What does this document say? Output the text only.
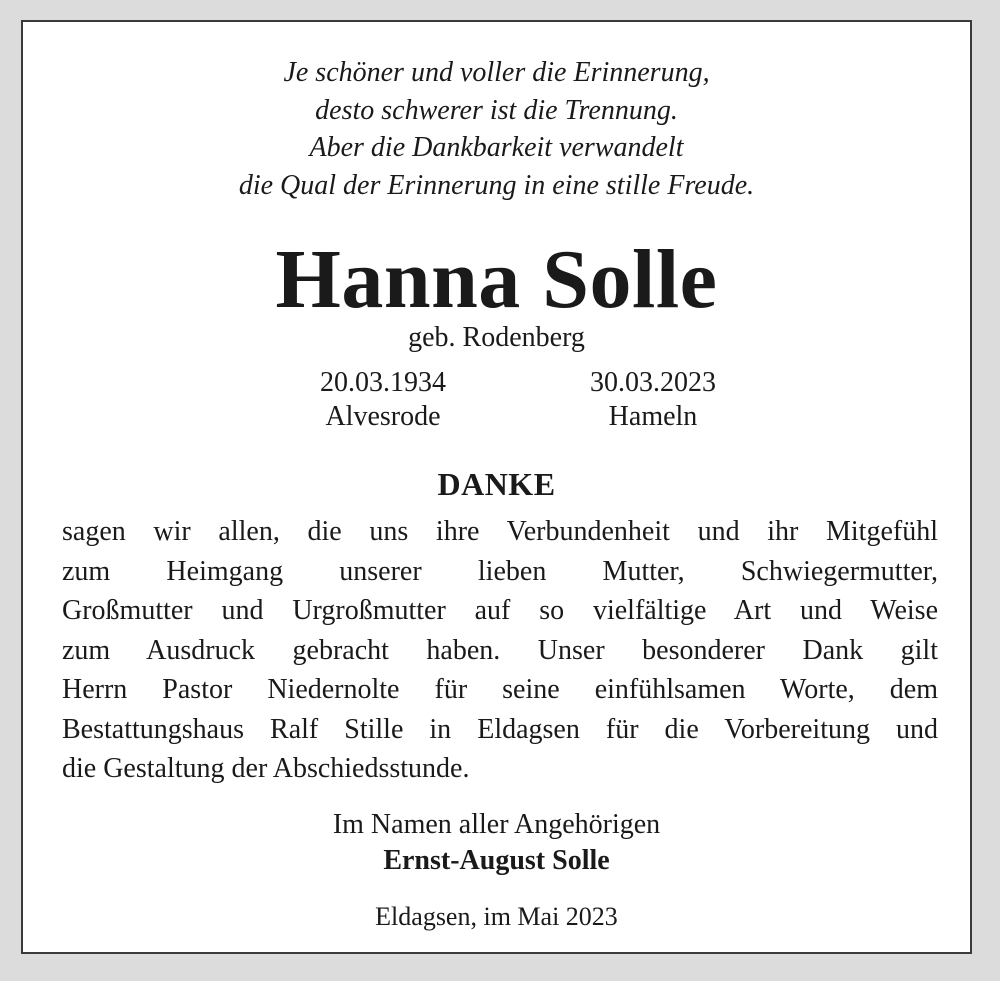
Je schöner und voller die Erinnerung,
desto schwerer ist die Trennung.
Aber die Dankbarkeit verwandelt
die Qual der Erinnerung in eine stille Freude.
Hanna Solle
geb. Rodenberg
20.03.1934
Alvesrode
30.03.2023
Hameln
DANKE
sagen wir allen, die uns ihre Verbundenheit und ihr Mitgefühl
zum Heimgang unserer lieben Mutter, Schwiegermutter,
Großmutter und Urgroßmutter auf so vielfältige Art und Weise
zum Ausdruck gebracht haben. Unser besonderer Dank gilt
Herrn Pastor Niedernolte für seine einfühlsamen Worte, dem
Bestattungshaus Ralf Stille in Eldagsen für die Vorbereitung und
die Gestaltung der Abschiedsstunde.
Im Namen aller Angehörigen
Ernst-August Solle
Eldagsen, im Mai 2023
